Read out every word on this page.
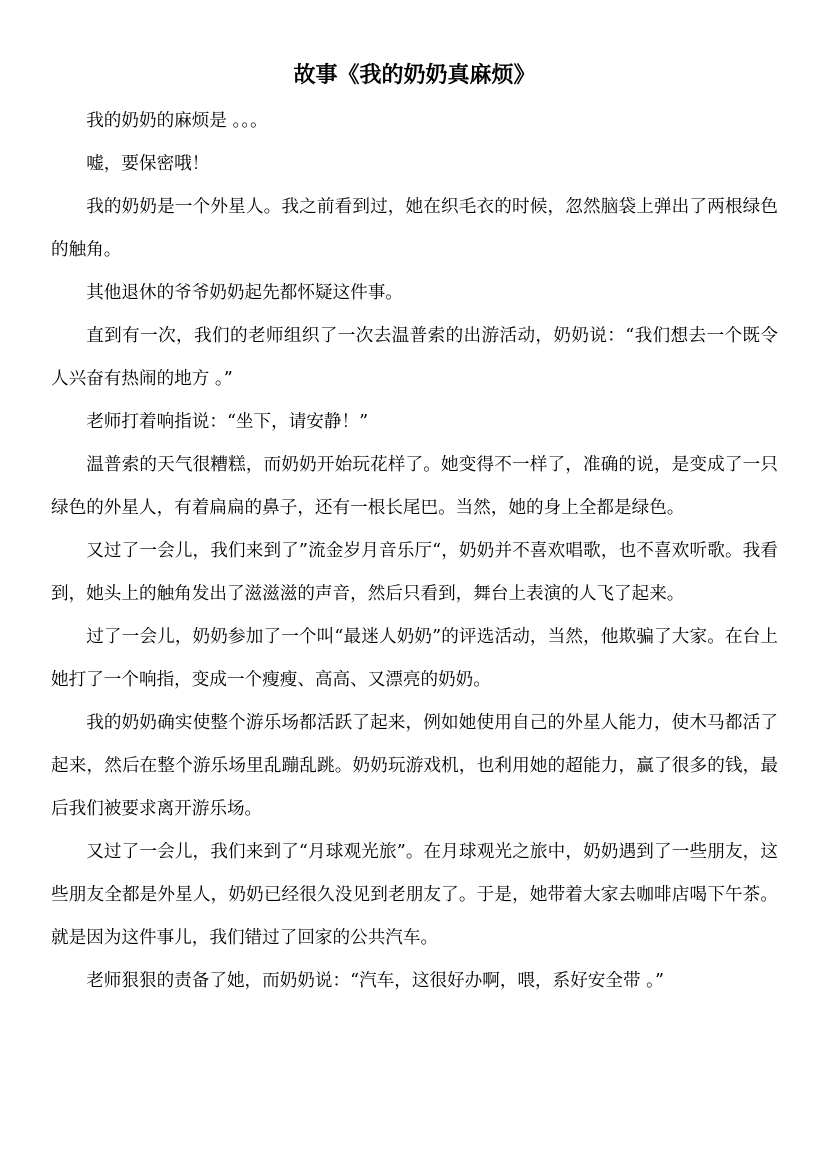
故事《我的奶奶真麻烦》

我的奶奶的麻烦是 。。。

嘘，要保密哦！

我的奶奶是一个外星人。我之前看到过，她在织毛衣的时候，忽然脑袋上弹出了两根绿色的触角。

其他退休的爷爷奶奶起先都怀疑这件事。

直到有一次，我们的老师组织了一次去温普索的出游活动，奶奶说：“我们想去一个既令人兴奋有热闹的地方 。”

老师打着响指说：“坐下，请安静！”

温普索的天气很糟糕，而奶奶开始玩花样了。她变得不一样了，准确的说，是变成了一只绿色的外星人，有着扁扁的鼻子，还有一根长尾巴。当然，她的身上全都是绿色。

又过了一会儿，我们来到了”流金岁月音乐厅“，奶奶并不喜欢唱歌，也不喜欢听歌。我看到，她头上的触角发出了滋滋滋的声音，然后只看到，舞台上表演的人飞了起来。

过了一会儿，奶奶参加了一个叫“最迷人奶奶”的评选活动，当然，他欺骗了大家。在台上她打了一个响指，变成一个瘦瘦、高高、又漂亮的奶奶。

我的奶奶确实使整个游乐场都活跃了起来，例如她使用自己的外星人能力，使木马都活了起来，然后在整个游乐场里乱蹦乱跳。奶奶玩游戏机，也利用她的超能力，赢了很多的钱，最后我们被要求离开游乐场。

又过了一会儿，我们来到了“月球观光旅”。在月球观光之旅中，奶奶遇到了一些朋友，这些朋友全都是外星人，奶奶已经很久没见到老朋友了。于是，她带着大家去咖啡店喝下午茶。就是因为这件事儿，我们错过了回家的公共汽车。

老师狠狠的责备了她，而奶奶说：“汽车，这很好办啊，喂，系好安全带 。”
